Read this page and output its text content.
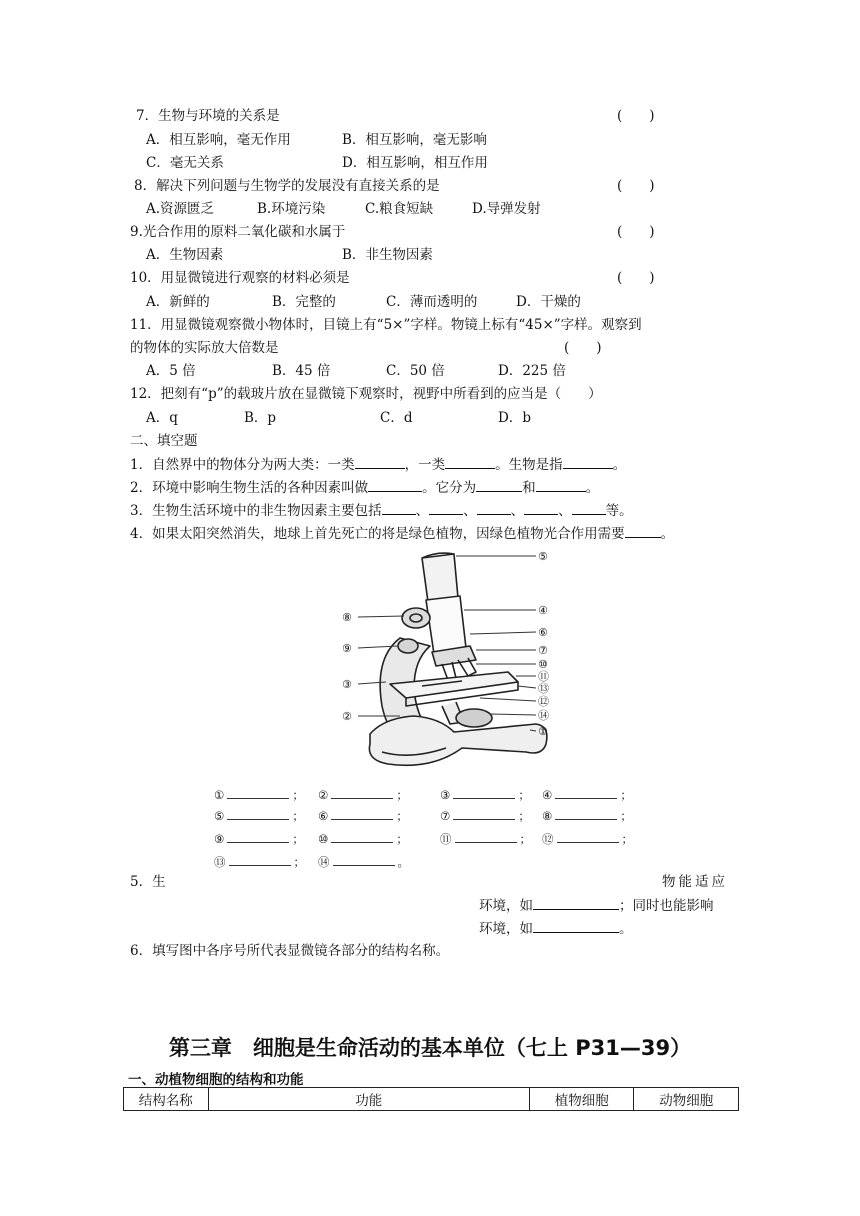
7．生物与环境的关系是	(　　)
A．相互影响，毫无作用	B．相互影响，毫无影响
C．毫无关系	D．相互影响，相互作用
8．解决下列问题与生物学的发展没有直接关系的是	(　　)
A.资源匮乏	B.环境污染	C.粮食短缺	D.导弹发射
9.光合作用的原料二氧化碳和水属于	(　　)
A．生物因素	B．非生物因素
10．用显微镜进行观察的材料必须是	(　　)
A．新鲜的	B．完整的	C．薄而透明的	D．干燥的
11．用显微镜观察微小物体时，目镜上有“5×”字样。物镜上标有“45×”字样。观察到
的物体的实际放大倍数是	(　　)
A．5 倍	B．45 倍	C．50 倍	D．225 倍
12．把刻有“p”的载玻片放在显微镜下观察时，视野中所看到的应当是（　　）
A．q	B．p	C．d	D．b
二、填空题
1．自然界中的物体分为两大类：一类	，一类	。生物是指	。
2．环境中影响生物生活的各种因素叫做	。它分为	和	。
3．生物生活环境中的非生物因素主要包括	、	、	、	、	等。
4．如果太阳突然消失，地球上首先死亡的将是绿色植物，因绿色植物光合作用需要	。
⑤
④
⑥
⑦
⑩
⑪
⑬
⑫
⑭
①
⑧
⑨
③
②
①	； ②	；	③	； ④	；
⑤	； ⑥	；	⑦	； ⑧	；
⑨	； ⑩	；	⑪	； ⑫	；
⑬	； ⑭	。
5．生	物能适应
环境，如	；同时也能影响
环境，如	。
6．填写图中各序号所代表显微镜各部分的结构名称。
第三章　细胞是生命活动的基本单位（七上 P31—39）
一、动植物细胞的结构和功能
结构名称	功能	植物细胞	动物细胞
